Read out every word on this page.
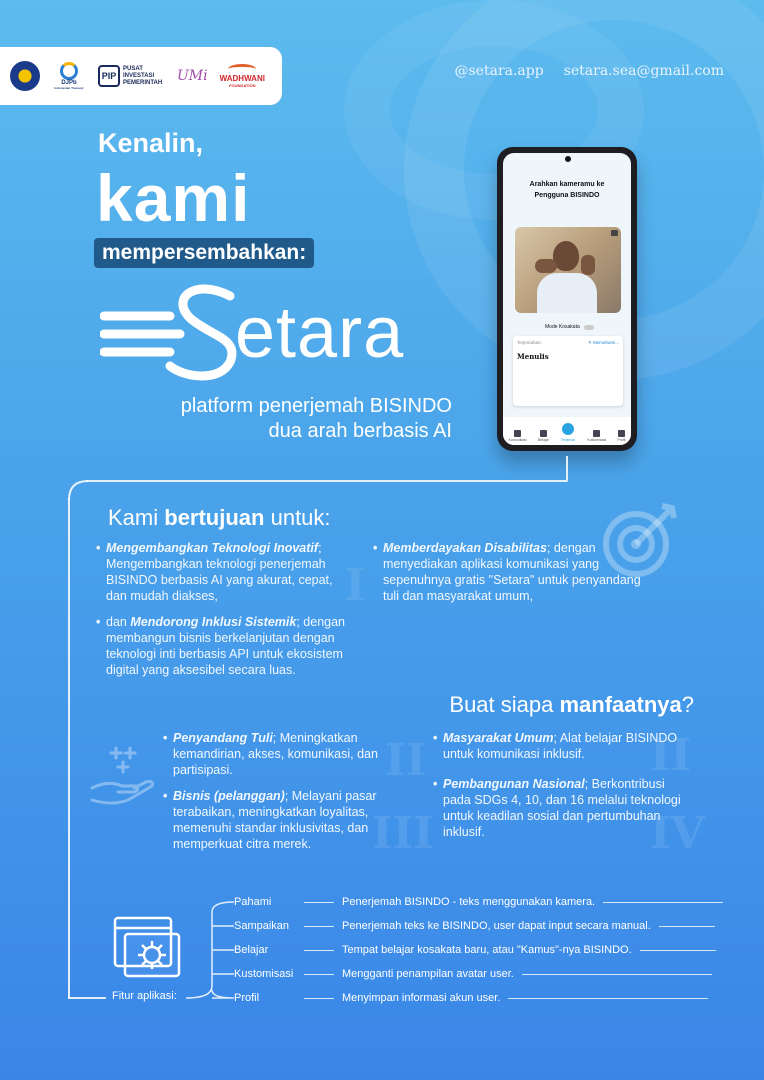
DJPb
Indonesian Treasury
PIP
PUSAT INVESTASI PEMERINTAH UMi WADHWANI
FOUNDATION
@setara.app setara.sea@gmail.com
Kenalin,
kami
mempersembahkan:
etara
platform penerjemah BISINDO
dua arah berbasis AI
Arahkan kameramu ke
Pengguna BISINDO
Mode Kosakata
Terjemahan:	✕ Memahami...
Menulis
Komunikasi	Belajar	Terjemah	Kustomisasi	Profil
Kami bertujuan untuk:
I
• Mengembangkan Teknologi Inovatif; Mengembangkan teknologi penerjemah BISINDO berbasis AI yang akurat, cepat, dan mudah diakses,
• dan Mendorong Inklusi Sistemik; dengan membangun bisnis berkelanjutan dengan teknologi inti berbasis API untuk ekosistem digital yang aksesibel secara luas.
• Memberdayakan Disabilitas; dengan menyediakan aplikasi komunikasi yang sepenuhnya gratis "Setara" untuk penyandang tuli dan masyarakat umum,
Buat siapa manfaatnya?
II
III
II
IV
• Penyandang Tuli; Meningkatkan kemandirian, akses, komunikasi, dan partisipasi.
• Bisnis (pelanggan); Melayani pasar terabaikan, meningkatkan loyalitas, memenuhi standar inklusivitas, dan memperkuat citra merek.
• Masyarakat Umum; Alat belajar BISINDO untuk komunikasi inklusif.
• Pembangunan Nasional; Berkontribusi pada SDGs 4, 10, dan 16 melalui teknologi untuk keadilan sosial dan pertumbuhan inklusif.
Fitur aplikasi:
Pahami	Penerjemah BISINDO - teks menggunakan kamera.
Sampaikan	Penerjemah teks ke BISINDO, user dapat input secara manual.
Belajar	Tempat belajar kosakata baru, atau "Kamus"-nya BISINDO.
Kustomisasi	Mengganti penampilan avatar user.
Profil	Menyimpan informasi akun user.
